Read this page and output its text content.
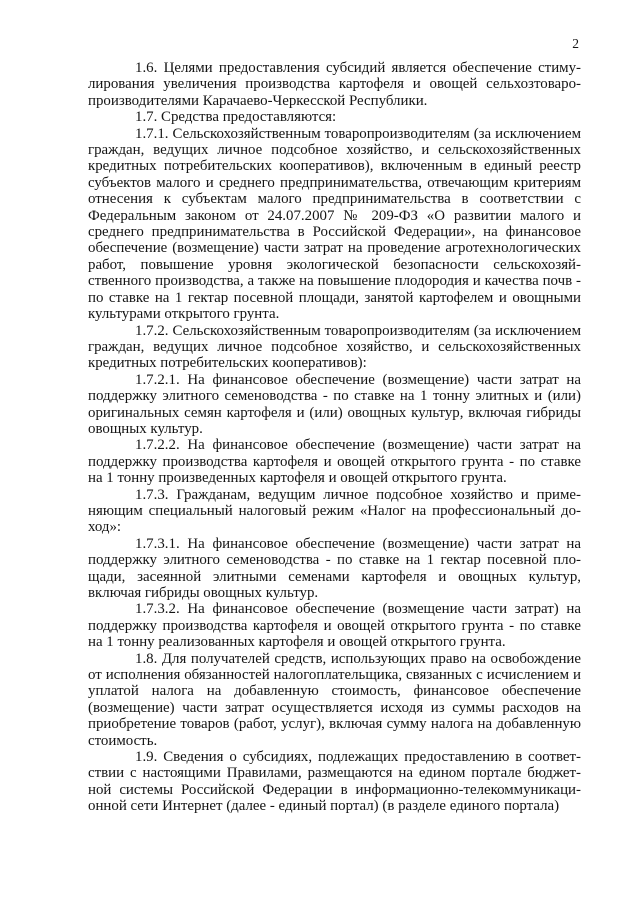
2

1.6. Целями предоставления субсидий является обеспечение стимулирования увеличения производства картофеля и овощей сельхозтоваропроизводителями Карачаево-Черкесской Республики.

1.7. Средства предоставляются:

1.7.1. Сельскохозяйственным товаропроизводителям (за исключением граждан, ведущих личное подсобное хозяйство, и сельскохозяйственных кредитных потребительских кооперативов), включенным в единый реестр субъектов малого и среднего предпринимательства, отвечающим критериям отнесения к субъектам малого предпринимательства в соответствии с Федеральным законом от 24.07.2007 № 209-ФЗ «О развитии малого и среднего предпринимательства в Российской Федерации», на финансовое обеспечение (возмещение) части затрат на проведение агротехнологических работ, повышение уровня экологической безопасности сельскохозяйственного производства, а также на повышение плодородия и качества почв - по ставке на 1 гектар посевной площади, занятой картофелем и овощными культурами открытого грунта.

1.7.2. Сельскохозяйственным товаропроизводителям (за исключением граждан, ведущих личное подсобное хозяйство, и сельскохозяйственных кредитных потребительских кооперативов):

1.7.2.1. На финансовое обеспечение (возмещение) части затрат на поддержку элитного семеноводства - по ставке на 1 тонну элитных и (или) оригинальных семян картофеля и (или) овощных культур, включая гибриды овощных культур.

1.7.2.2. На финансовое обеспечение (возмещение) части затрат на поддержку производства картофеля и овощей открытого грунта - по ставке на 1 тонну произведенных картофеля и овощей открытого грунта.

1.7.3. Гражданам, ведущим личное подсобное хозяйство и применяющим специальный налоговый режим «Налог на профессиональный доход»:

1.7.3.1. На финансовое обеспечение (возмещение) части затрат на поддержку элитного семеноводства - по ставке на 1 гектар посевной площади, засеянной элитными семенами картофеля и овощных культур, включая гибриды овощных культур.

1.7.3.2. На финансовое обеспечение (возмещение части затрат) на поддержку производства картофеля и овощей открытого грунта - по ставке на 1 тонну реализованных картофеля и овощей открытого грунта.

1.8. Для получателей средств, использующих право на освобождение от исполнения обязанностей налогоплательщика, связанных с исчислением и уплатой налога на добавленную стоимость, финансовое обеспечение (возмещение) части затрат осуществляется исходя из суммы расходов на приобретение товаров (работ, услуг), включая сумму налога на добавленную стоимость.

1.9. Сведения о субсидиях, подлежащих предоставлению в соответствии с настоящими Правилами, размещаются на едином портале бюджетной системы Российской Федерации в информационно-телекоммуникационной сети Интернет (далее - единый портал) (в разделе единого портала)
